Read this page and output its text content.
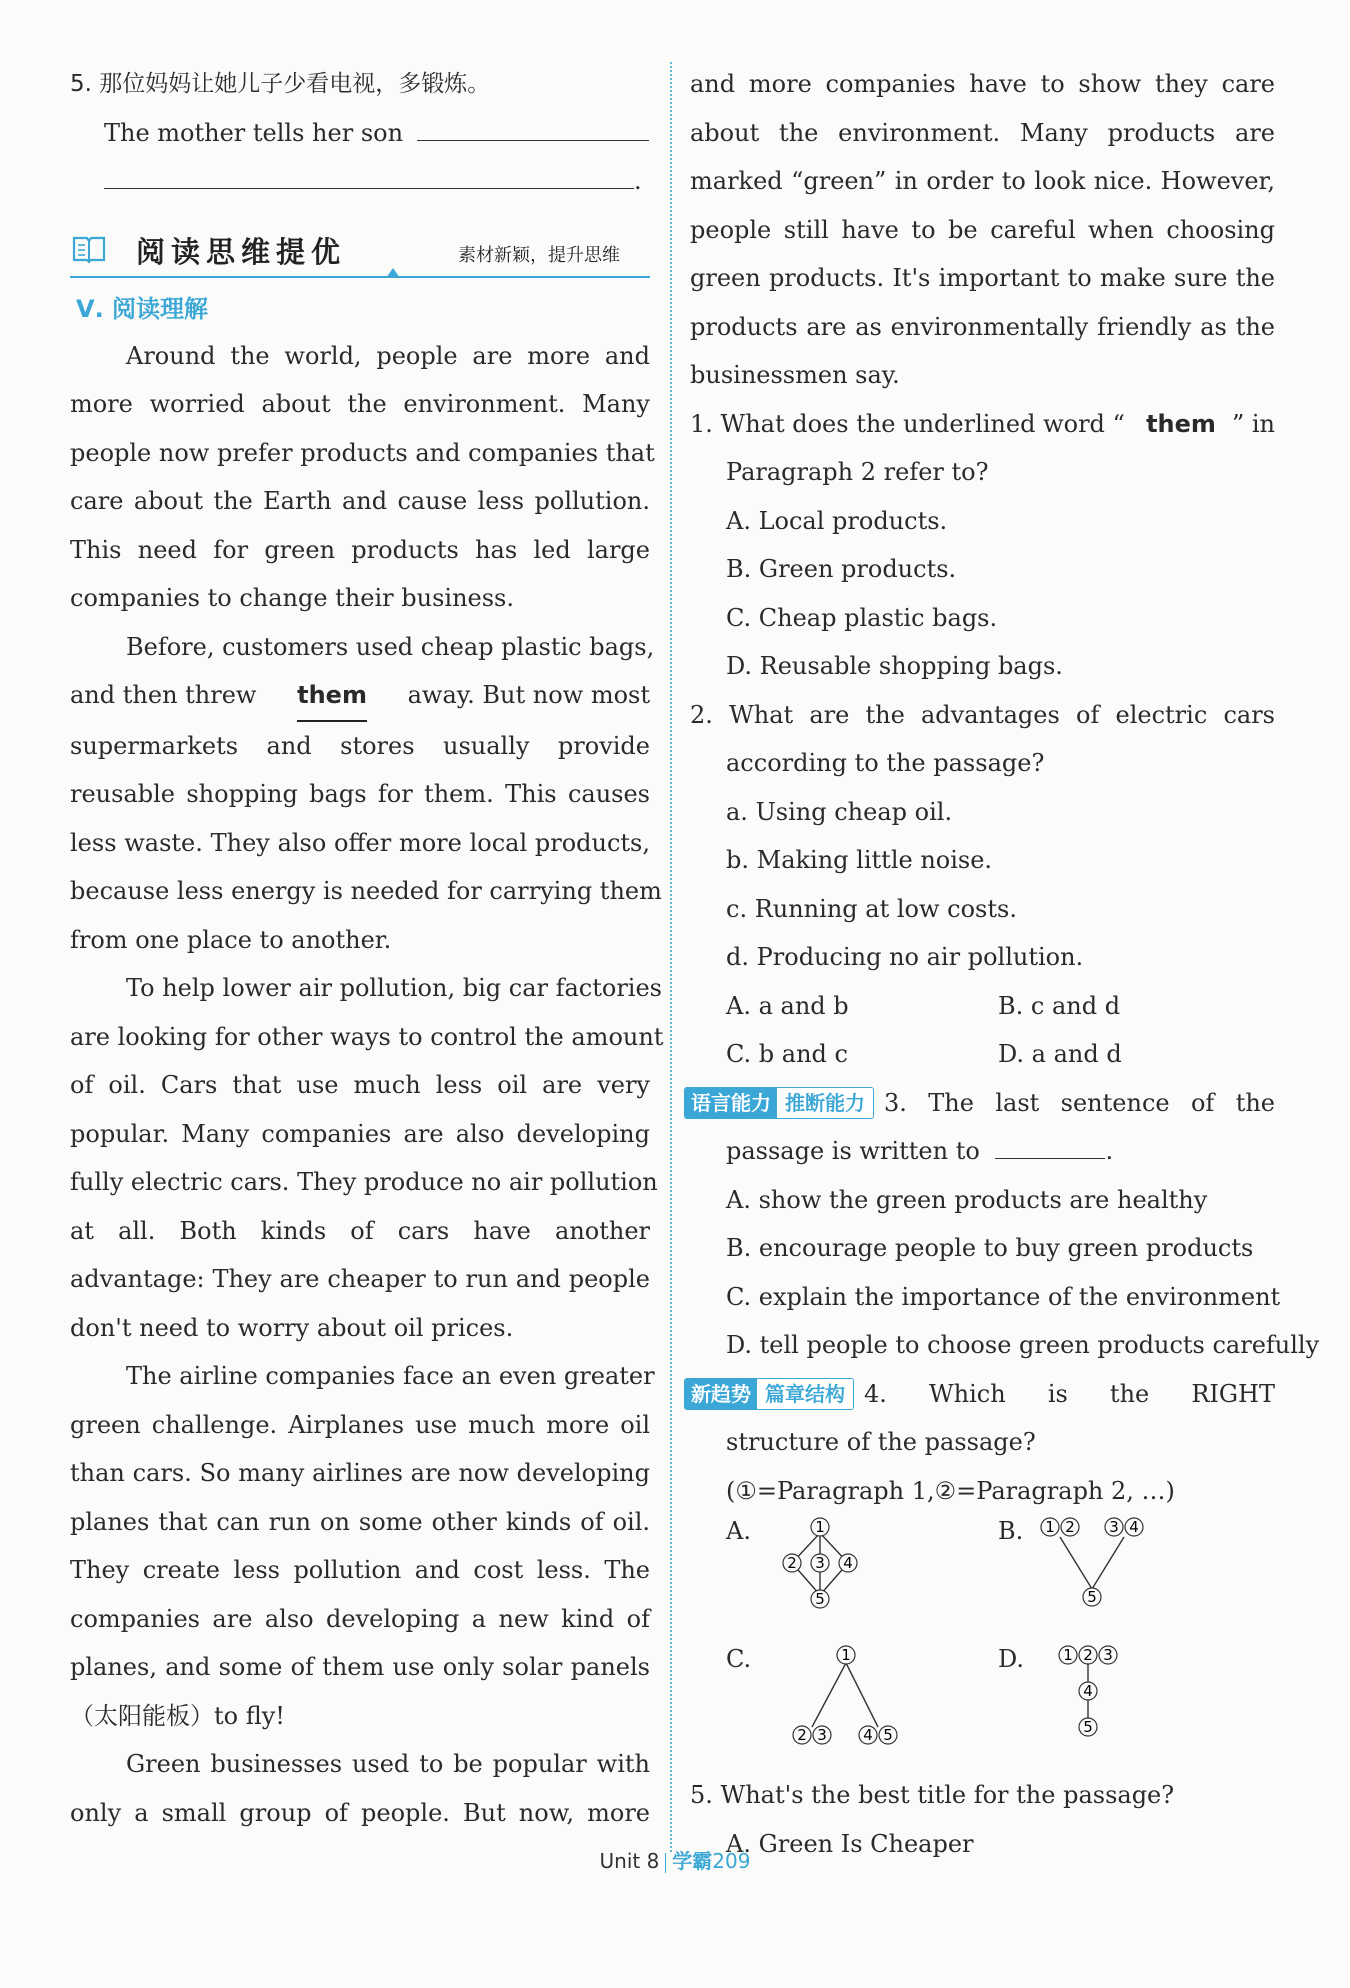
5. 那位妈妈让她儿子少看电视，多锻炼。
The mother tells her son
.
阅读思维提优	素材新颖，提升思维
Ⅴ. 阅读理解
Around the world, people are more and
more worried about the environment. Many
people now prefer products and companies that
care about the Earth and cause less pollution.
This need for green products has led large
companies to change their business.
Before, customers used cheap plastic bags,
and then threw them away. But now most
supermarkets and stores usually provide
reusable shopping bags for them. This causes
less waste. They also offer more local products,
because less energy is needed for carrying them
from one place to another.
To help lower air pollution, big car factories
are looking for other ways to control the amount
of oil. Cars that use much less oil are very
popular. Many companies are also developing
fully electric cars. They produce no air pollution
at all. Both kinds of cars have another
advantage: They are cheaper to run and people
don't need to worry about oil prices.
The airline companies face an even greater
green challenge. Airplanes use much more oil
than cars. So many airlines are now developing
planes that can run on some other kinds of oil.
They create less pollution and cost less. The
companies are also developing a new kind of
planes, and some of them use only solar panels
（太阳能板）to fly!
Green businesses used to be popular with
only a small group of people. But now, more
and more companies have to show they care
about the environment. Many products are
marked “green” in order to look nice. However,
people still have to be careful when choosing
green products. It's important to make sure the
products are as environmentally friendly as the
businessmen say.
1. What does the underlined word “ them ” in
Paragraph 2 refer to?
A. Local products.
B. Green products.
C. Cheap plastic bags.
D. Reusable shopping bags.
2. What are the advantages of electric cars
according to the passage?
a. Using cheap oil.
b. Making little noise.
c. Running at low costs.
d. Producing no air pollution.
A. a and b	B. c and d
C. b and c	D. a and d
语言能力 推断能力 3. The last sentence of the
passage is written to	.
A. show the green products are healthy
B. encourage people to buy green products
C. explain the importance of the environment
D. tell people to choose green products carefully
新趋势 篇章结构 4. Which is the RIGHT
structure of the passage?
(①=Paragraph 1,②=Paragraph 2, …)
A.	1
2 3 4
5
B. 1 2 3 4
5
C.	1
2 3 4 5
D.	1 2 3
4
5
5. What's the best title for the passage?
A. Green Is Cheaper
Unit 8 学霸209
